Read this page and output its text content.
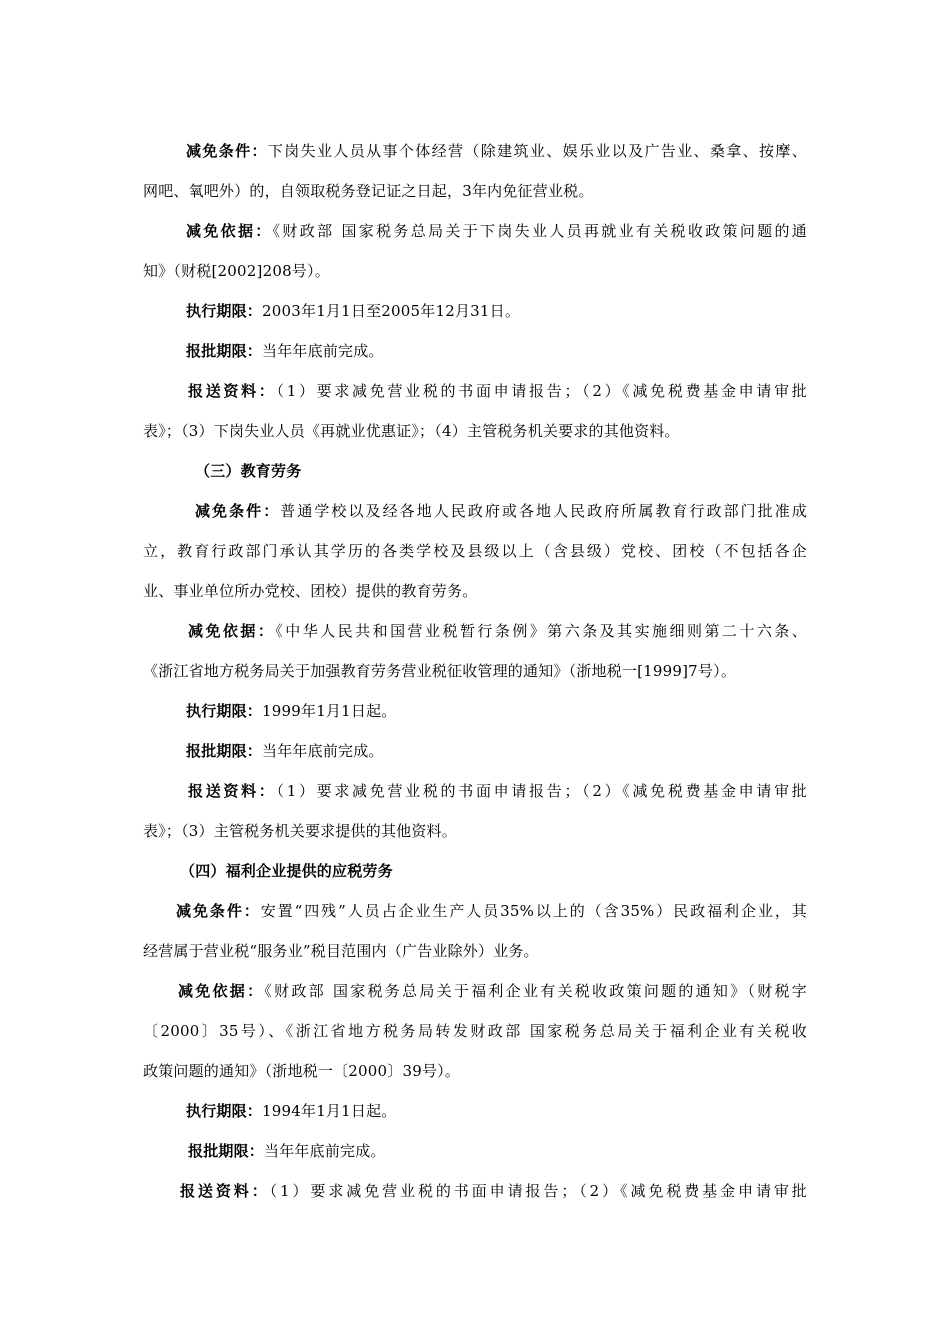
减免条件：下岗失业人员从事个体经营（除建筑业、娱乐业以及广告业、桑拿、按摩、
网吧、氧吧外）的，自领取税务登记证之日起，3年内免征营业税。
减免依据：《财政部 国家税务总局关于下岗失业人员再就业有关税收政策问题的通
知》（财税[2002]208号）。
执行期限：2003年1月1日至2005年12月31日。
报批期限：当年年底前完成。
报送资料：（1）要求减免营业税的书面申请报告；（2）《减免税费基金申请审批
表》；（3）下岗失业人员《再就业优惠证》；（4）主管税务机关要求的其他资料。
（三）教育劳务
减免条件：普通学校以及经各地人民政府或各地人民政府所属教育行政部门批准成
立，教育行政部门承认其学历的各类学校及县级以上（含县级）党校、团校（不包括各企
业、事业单位所办党校、团校）提供的教育劳务。
减免依据：《中华人民共和国营业税暂行条例》第六条及其实施细则第二十六条、
《浙江省地方税务局关于加强教育劳务营业税征收管理的通知》（浙地税一[1999]7号）。
执行期限：1999年1月1日起。
报批期限：当年年底前完成。
报送资料：（1）要求减免营业税的书面申请报告；（2）《减免税费基金申请审批
表》；（3）主管税务机关要求提供的其他资料。
（四）福利企业提供的应税劳务
减免条件：安置“四残”人员占企业生产人员35%以上的（含35%）民政福利企业，其
经营属于营业税“服务业”税目范围内（广告业除外）业务。
减免依据：《财政部 国家税务总局关于福利企业有关税收政策问题的通知》（财税字
〔2000〕35号）、《浙江省地方税务局转发财政部 国家税务总局关于福利企业有关税收
政策问题的通知》（浙地税一〔2000〕39号）。
执行期限：1994年1月1日起。
报批期限：当年年底前完成。
报送资料：（1）要求减免营业税的书面申请报告；（2）《减免税费基金申请审批
